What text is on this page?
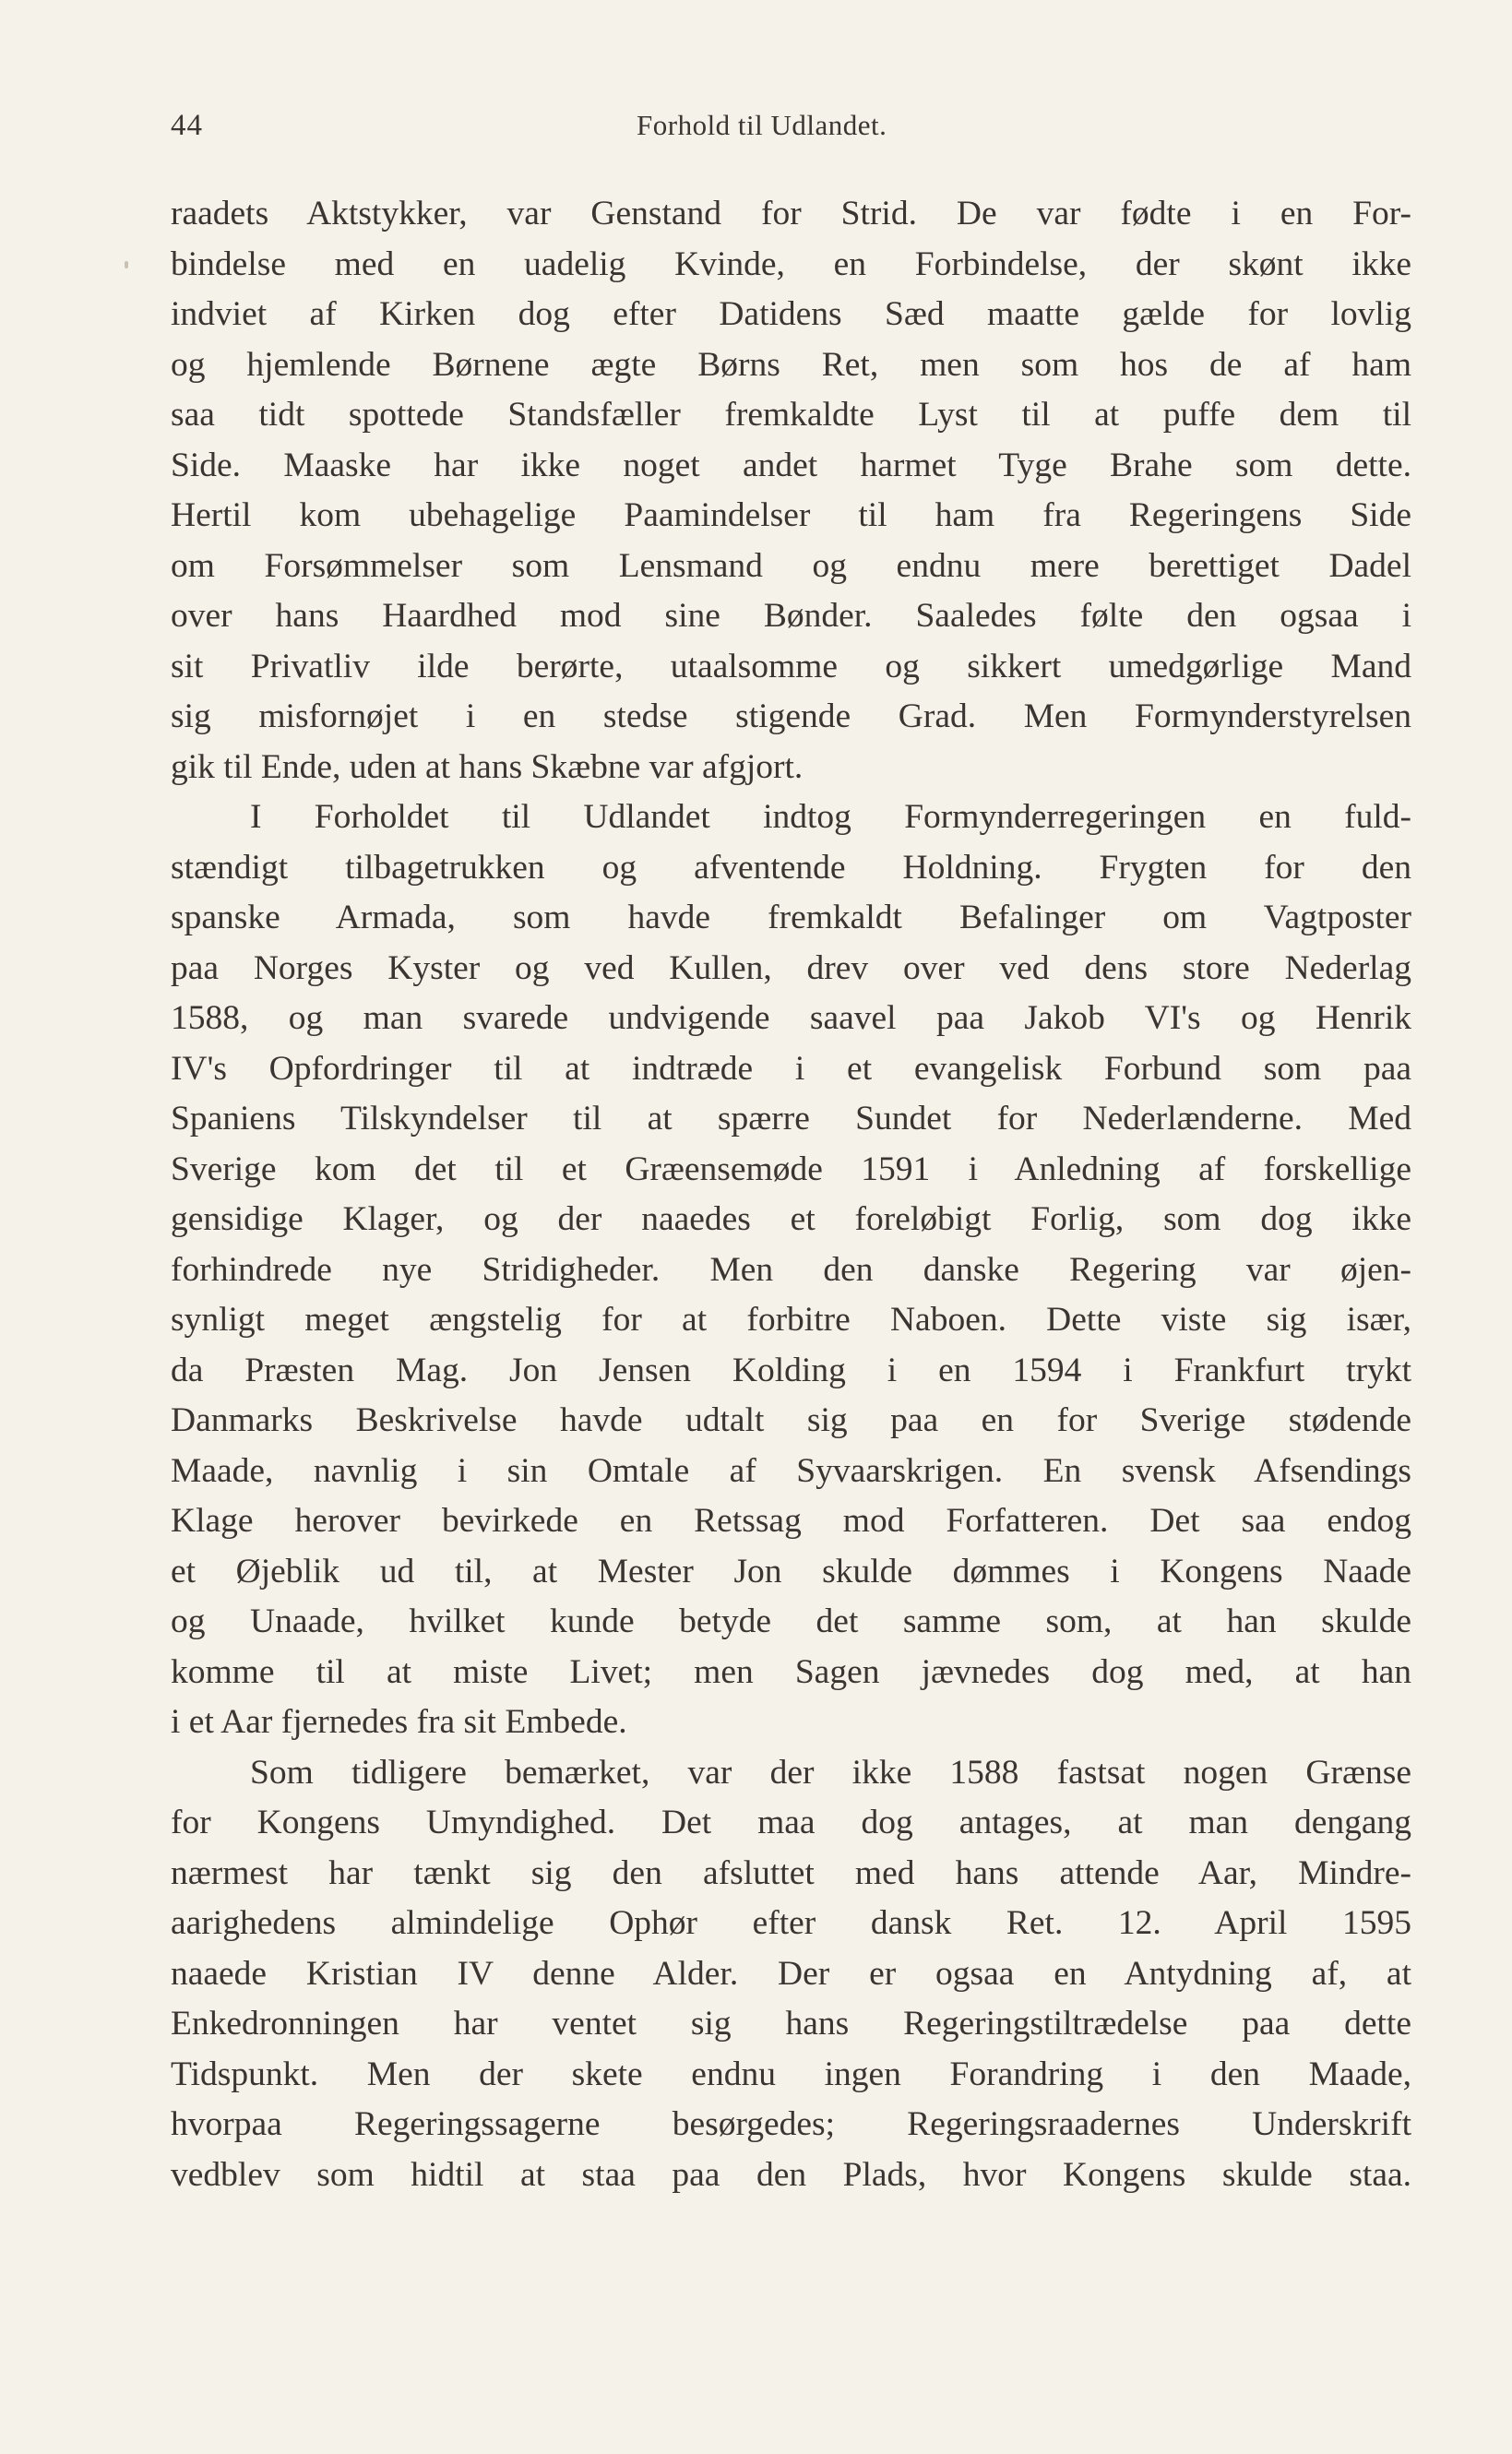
44	Forhold til Udlandet.
raadets Aktstykker, var Genstand for Strid. De var fødte i en For-
bindelse med en uadelig Kvinde, en Forbindelse, der skønt ikke
indviet af Kirken dog efter Datidens Sæd maatte gælde for lovlig
og hjemlende Børnene ægte Børns Ret, men som hos de af ham
saa tidt spottede Standsfæller fremkaldte Lyst til at puffe dem til
Side. Maaske har ikke noget andet harmet Tyge Brahe som dette.
Hertil kom ubehagelige Paamindelser til ham fra Regeringens Side
om Forsømmelser som Lensmand og endnu mere berettiget Dadel
over hans Haardhed mod sine Bønder. Saaledes følte den ogsaa i
sit Privatliv ilde berørte, utaalsomme og sikkert umedgørlige Mand
sig misfornøjet i en stedse stigende Grad. Men Formynderstyrelsen
gik til Ende, uden at hans Skæbne var afgjort.
I Forholdet til Udlandet indtog Formynderregeringen en fuld-
stændigt tilbagetrukken og afventende Holdning. Frygten for den
spanske Armada, som havde fremkaldt Befalinger om Vagtposter
paa Norges Kyster og ved Kullen, drev over ved dens store Nederlag
1588, og man svarede undvigende saavel paa Jakob VI's og Henrik
IV's Opfordringer til at indtræde i et evangelisk Forbund som paa
Spaniens Tilskyndelser til at spærre Sundet for Nederlænderne. Med
Sverige kom det til et Græensemøde 1591 i Anledning af forskellige
gensidige Klager, og der naaedes et foreløbigt Forlig, som dog ikke
forhindrede nye Stridigheder. Men den danske Regering var øjen-
synligt meget ængstelig for at forbitre Naboen. Dette viste sig især,
da Præsten Mag. Jon Jensen Kolding i en 1594 i Frankfurt trykt
Danmarks Beskrivelse havde udtalt sig paa en for Sverige stødende
Maade, navnlig i sin Omtale af Syvaarskrigen. En svensk Afsendings
Klage herover bevirkede en Retssag mod Forfatteren. Det saa endog
et Øjeblik ud til, at Mester Jon skulde dømmes i Kongens Naade
og Unaade, hvilket kunde betyde det samme som, at han skulde
komme til at miste Livet; men Sagen jævnedes dog med, at han
i et Aar fjernedes fra sit Embede.
Som tidligere bemærket, var der ikke 1588 fastsat nogen Grænse
for Kongens Umyndighed. Det maa dog antages, at man dengang
nærmest har tænkt sig den afsluttet med hans attende Aar, Mindre-
aarighedens almindelige Ophør efter dansk Ret. 12. April 1595
naaede Kristian IV denne Alder. Der er ogsaa en Antydning af, at
Enkedronningen har ventet sig hans Regeringstiltrædelse paa dette
Tidspunkt. Men der skete endnu ingen Forandring i den Maade,
hvorpaa Regeringssagerne besørgedes; Regeringsraadernes Underskrift
vedblev som hidtil at staa paa den Plads, hvor Kongens skulde staa.
